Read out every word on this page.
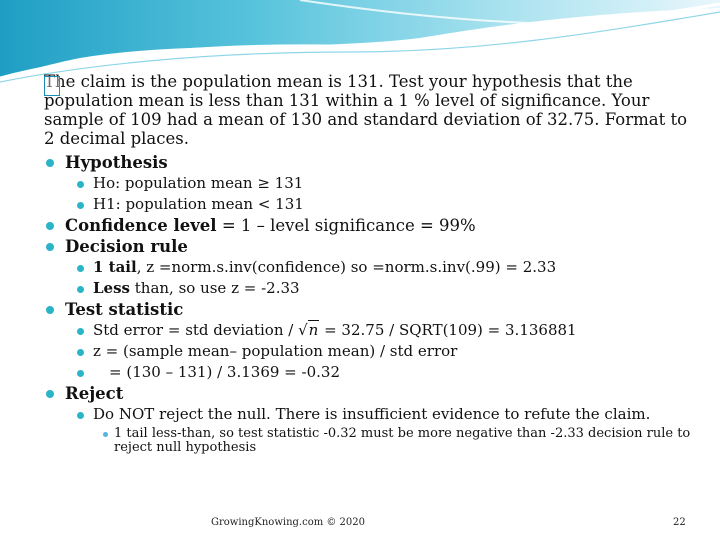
The claim is the population mean is 131. Test your hypothesis that the population mean is less than 131 within a 1 % level of significance. Your sample of 109 had a mean of 130 and standard deviation of 32.75. Format to 2 decimal places.
Hypothesis
Ho: population mean ≥ 131
H1: population mean < 131
Confidence level = 1 – level significance = 99%
Decision rule
1 tail, z =norm.s.inv(confidence) so =norm.s.inv(.99) = 2.33
Less than, so use z = -2.33
Test statistic
Std error = std deviation / √n = 32.75 / SQRT(109) = 3.136881
z = (sample mean– population mean) / std error
= (130 – 131) / 3.1369 = -0.32
Reject
Do NOT reject the null. There is insufficient evidence to refute the claim.
1 tail less-than, so test statistic -0.32 must be more negative than -2.33 decision rule to reject null hypothesis
GrowingKnowing.com © 2020	22
